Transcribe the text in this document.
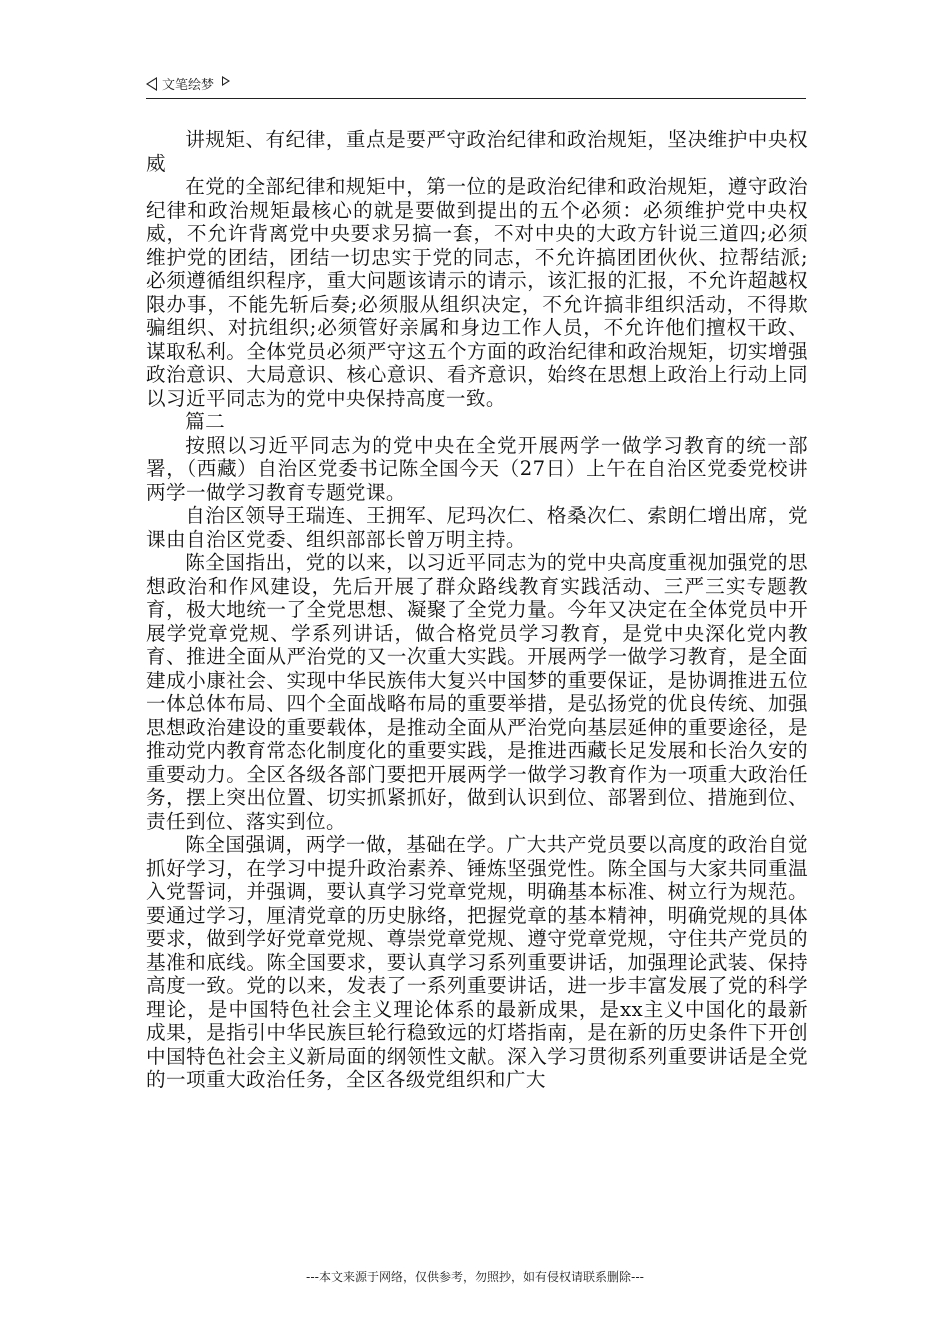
文笔绘梦

讲规矩、有纪律，重点是要严守政治纪律和政治规矩，坚决维护中央权威

在党的全部纪律和规矩中，第一位的是政治纪律和政治规矩，遵守政治纪律和政治规矩最核心的就是要做到提出的五个必须：必须维护党中央权威，不允许背离党中央要求另搞一套，不对中央的大政方针说三道四;必须维护党的团结，团结一切忠实于党的同志，不允许搞团团伙伙、拉帮结派;必须遵循组织程序，重大问题该请示的请示，该汇报的汇报，不允许超越权限办事，不能先斩后奏;必须服从组织决定，不允许搞非组织活动，不得欺骗组织、对抗组织;必须管好亲属和身边工作人员，不允许他们擅权干政、谋取私利。全体党员必须严守这五个方面的政治纪律和政治规矩，切实增强政治意识、大局意识、核心意识、看齐意识，始终在思想上政治上行动上同以习近平同志为的党中央保持高度一致。

篇二

按照以习近平同志为的党中央在全党开展两学一做学习教育的统一部署，（西藏）自治区党委书记陈全国今天（27日）上午在自治区党委党校讲两学一做学习教育专题党课。

自治区领导王瑞连、王拥军、尼玛次仁、格桑次仁、索朗仁增出席，党课由自治区党委、组织部部长曾万明主持。

陈全国指出，党的以来，以习近平同志为的党中央高度重视加强党的思想政治和作风建设，先后开展了群众路线教育实践活动、三严三实专题教育，极大地统一了全党思想、凝聚了全党力量。今年又决定在全体党员中开展学党章党规、学系列讲话，做合格党员学习教育，是党中央深化党内教育、推进全面从严治党的又一次重大实践。开展两学一做学习教育，是全面建成小康社会、实现中华民族伟大复兴中国梦的重要保证，是协调推进五位一体总体布局、四个全面战略布局的重要举措，是弘扬党的优良传统、加强思想政治建设的重要载体，是推动全面从严治党向基层延伸的重要途径，是推动党内教育常态化制度化的重要实践，是推进西藏长足发展和长治久安的重要动力。全区各级各部门要把开展两学一做学习教育作为一项重大政治任务，摆上突出位置、切实抓紧抓好，做到认识到位、部署到位、措施到位、责任到位、落实到位。

陈全国强调，两学一做，基础在学。广大共产党员要以高度的政治自觉抓好学习，在学习中提升政治素养、锤炼坚强党性。陈全国与大家共同重温入党誓词，并强调，要认真学习党章党规，明确基本标准、树立行为规范。要通过学习，厘清党章的历史脉络，把握党章的基本精神，明确党规的具体要求，做到学好党章党规、尊崇党章党规、遵守党章党规，守住共产党员的基准和底线。陈全国要求，要认真学习系列重要讲话，加强理论武装、保持高度一致。党的以来，发表了一系列重要讲话，进一步丰富发展了党的科学理论，是中国特色社会主义理论体系的最新成果，是xx主义中国化的最新成果，是指引中华民族巨轮行稳致远的灯塔指南，是在新的历史条件下开创中国特色社会主义新局面的纲领性文献。深入学习贯彻系列重要讲话是全党的一项重大政治任务，全区各级党组织和广大

---本文来源于网络，仅供参考，勿照抄，如有侵权请联系删除---
